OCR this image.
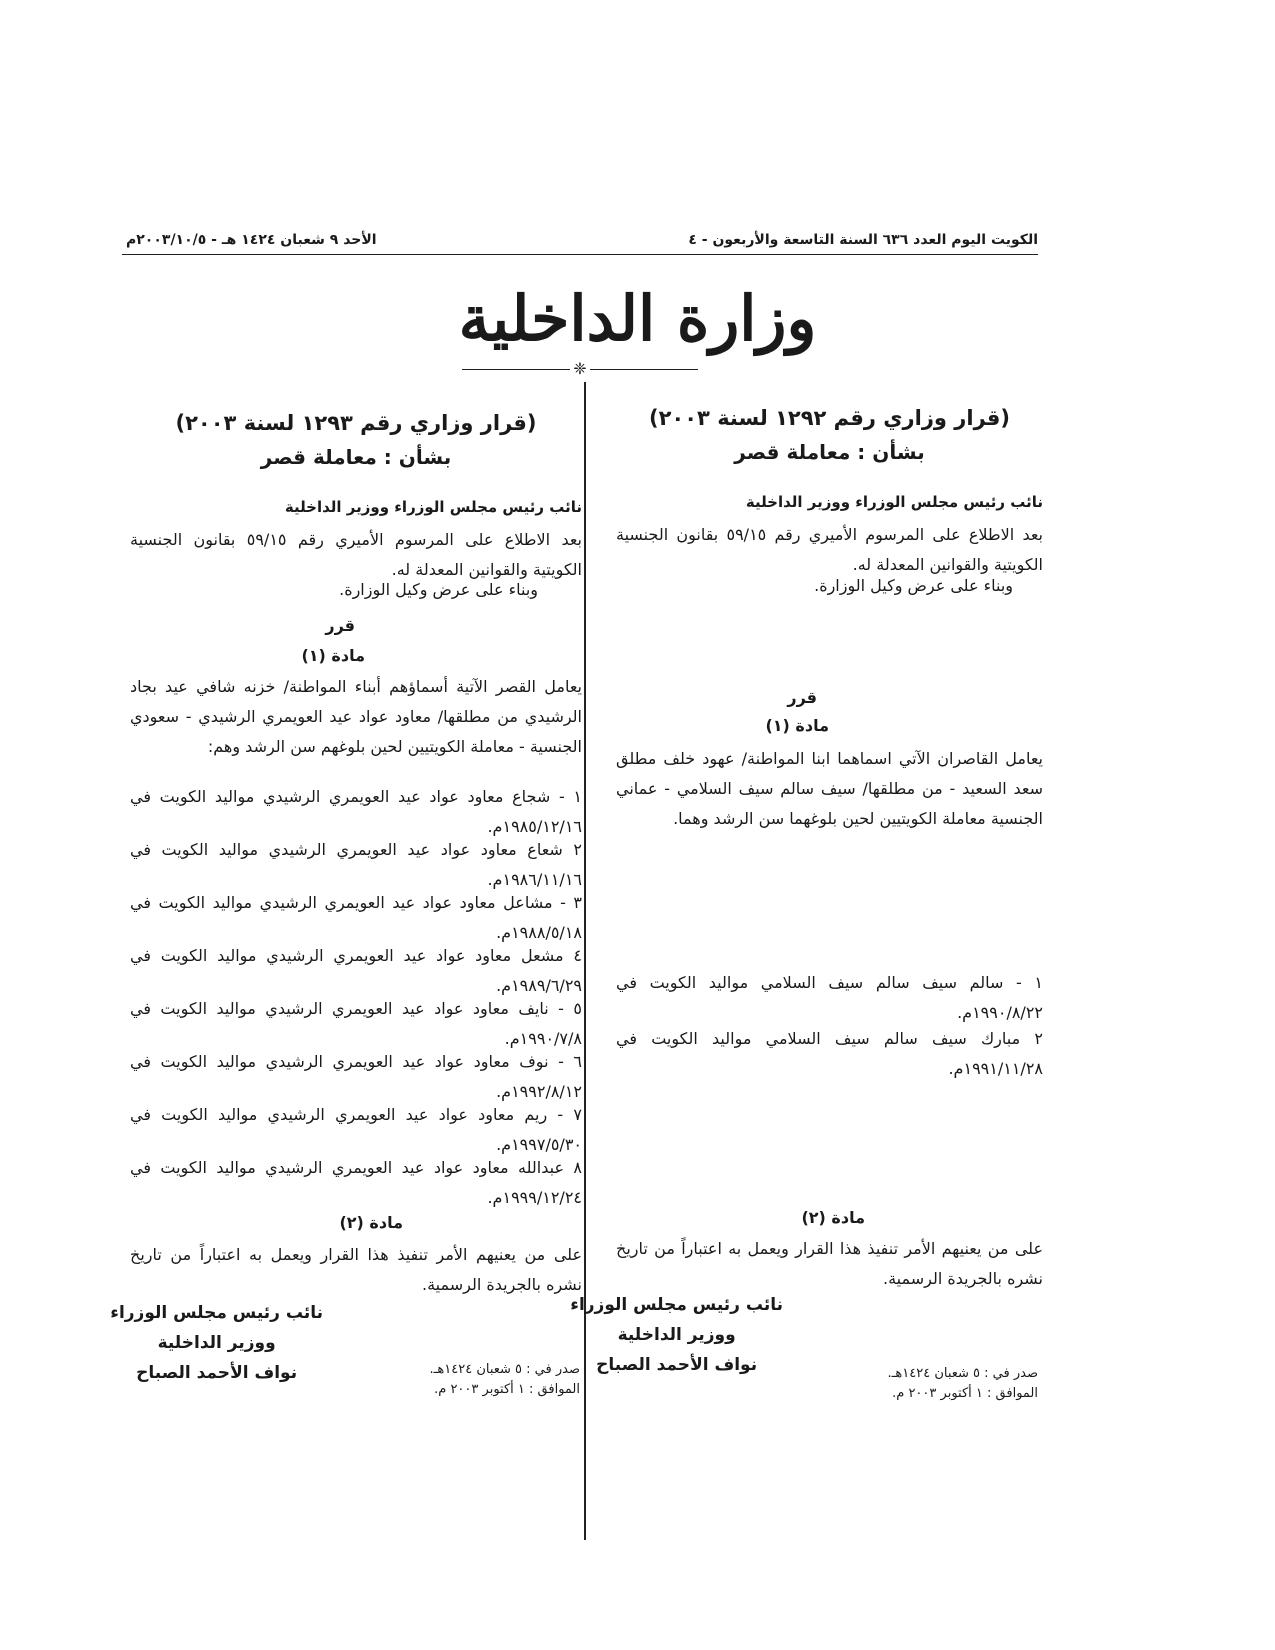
الكويت اليوم العدد ٦٣٦ السنة التاسعة والأربعون - ٤
الأحد ٩ شعبان ١٤٢٤ هـ - ٢٠٠٣/١٠/٥م
وزارة الداخلية
❈
(قرار وزاري رقم ١٢٩٢ لسنة ٢٠٠٣)
بشأن : معاملة قصر
نائب رئيس مجلس الوزراء ووزير الداخلية
بعد الاطلاع على المرسوم الأميري رقم ٥٩/١٥ بقانون الجنسية الكويتية والقوانين المعدلة له.
وبناء على عرض وكيل الوزارة.
قرر
مادة (١)
يعامل القاصران الآتي اسماهما ابنا المواطنة/ عهود خلف مطلق سعد السعيد - من مطلقها/ سيف سالم سيف السلامي - عماني الجنسية معاملة الكويتيين لحين بلوغهما سن الرشد وهما.
١ - سالم سيف سالم سيف السلامي مواليد الكويت في ١٩٩٠/٨/٢٢م.
٢ مبارك سيف سالم سيف السلامي مواليد الكويت في ١٩٩١/١١/٢٨م.
مادة (٢)
على من يعنيهم الأمر تنفيذ هذا القرار ويعمل به اعتباراً من تاريخ نشره بالجريدة الرسمية.
نائب رئيس مجلس الوزراء
ووزير الداخلية
نواف الأحمد الصباح	صدر في : ٥ شعبان ١٤٢٤هـ.
الموافق : ١ أكتوبر ٢٠٠٣ م.
(قرار وزاري رقم ١٢٩٣ لسنة ٢٠٠٣)
بشأن : معاملة قصر
نائب رئيس مجلس الوزراء ووزير الداخلية
بعد الاطلاع على المرسوم الأميري رقم ٥٩/١٥ بقانون الجنسية الكويتية والقوانين المعدلة له.
وبناء على عرض وكيل الوزارة.
قرر
مادة (١)
يعامل القصر الآتية أسماؤهم أبناء المواطنة/ خزنه شافي عيد بجاد الرشيدي من مطلقها/ معاود عواد عيد العويمري الرشيدي - سعودي الجنسية - معاملة الكويتيين لحين بلوغهم سن الرشد وهم:
١ - شجاع معاود عواد عيد العويمري الرشيدي مواليد الكويت في ١٩٨٥/١٢/١٦م.
٢ شعاع معاود عواد عيد العويمري الرشيدي مواليد الكويت في ١٩٨٦/١١/١٦م.
٣ - مشاعل معاود عواد عيد العويمري الرشيدي مواليد الكويت في ١٩٨٨/٥/١٨م.
٤ مشعل معاود عواد عيد العويمري الرشيدي مواليد الكويت في ١٩٨٩/٦/٢٩م.
٥ - نايف معاود عواد عيد العويمري الرشيدي مواليد الكويت في ١٩٩٠/٧/٨م.
٦ - نوف معاود عواد عيد العويمري الرشيدي مواليد الكويت في ١٩٩٢/٨/١٢م.
٧ - ريم معاود عواد عيد العويمري الرشيدي مواليد الكويت في ١٩٩٧/٥/٣٠م.
٨ عبدالله معاود عواد عيد العويمري الرشيدي مواليد الكويت في ١٩٩٩/١٢/٢٤م.
مادة (٢)
على من يعنيهم الأمر تنفيذ هذا القرار ويعمل به اعتباراً من تاريخ نشره بالجريدة الرسمية.
نائب رئيس مجلس الوزراء
ووزير الداخلية
نواف الأحمد الصباح	صدر في : ٥ شعبان ١٤٢٤هـ.
الموافق : ١ أكتوبر ٢٠٠٣ م.
